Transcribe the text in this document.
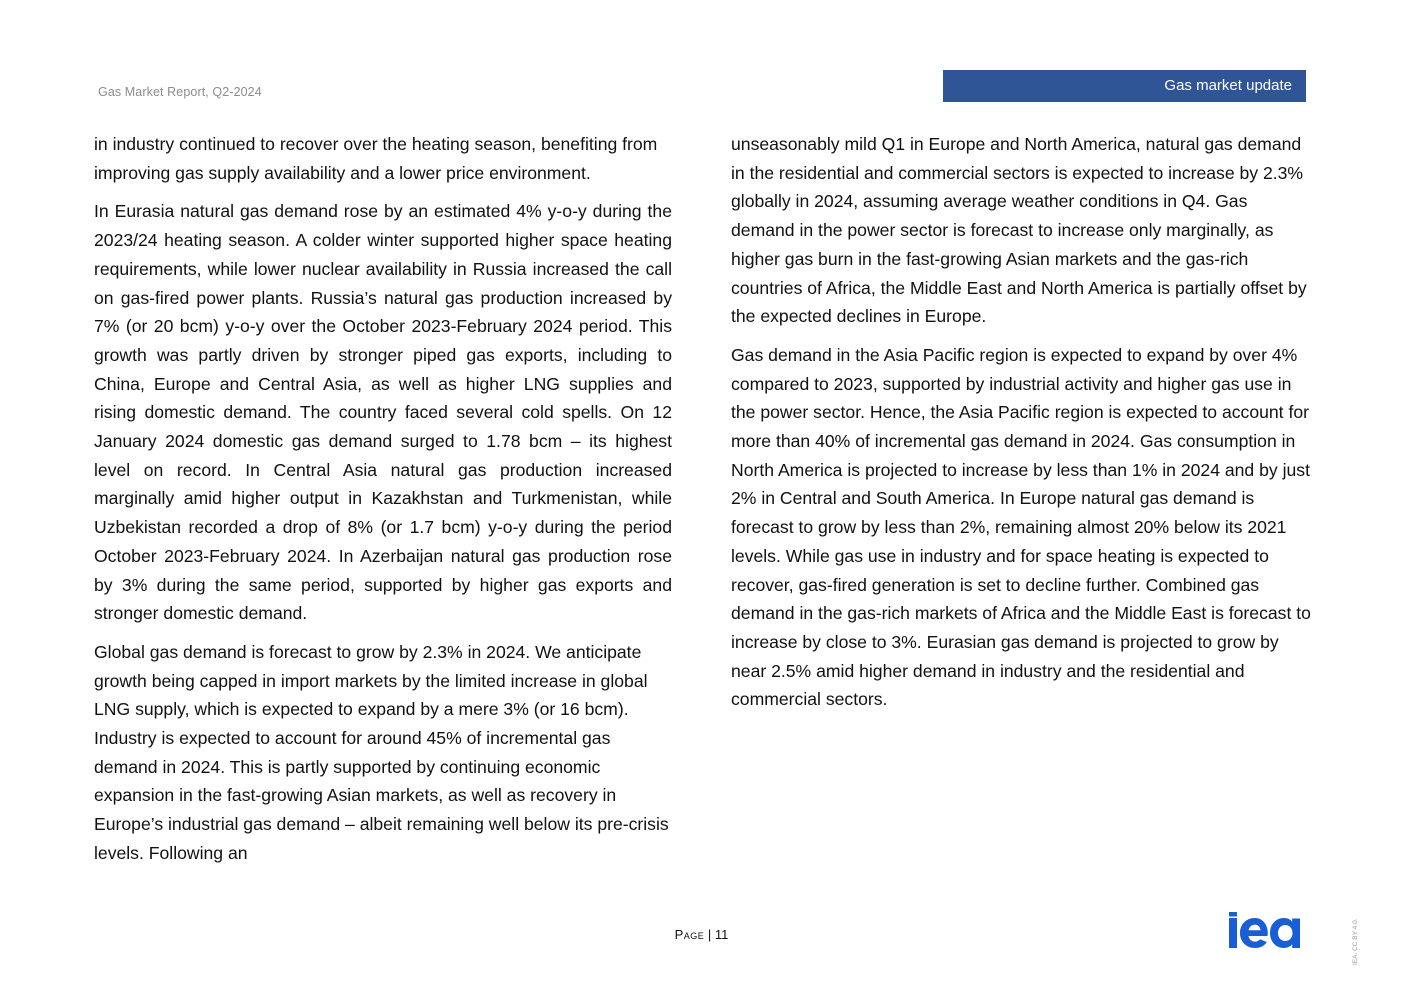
Gas Market Report, Q2-2024	Gas market update

in industry continued to recover over the heating season, benefiting from improving gas supply availability and a lower price environment.

In Eurasia natural gas demand rose by an estimated 4% y-o-y during the 2023/24 heating season. A colder winter supported higher space heating requirements, while lower nuclear availability in Russia increased the call on gas-fired power plants. Russia’s natural gas production increased by 7% (or 20 bcm) y-o-y over the October 2023-February 2024 period. This growth was partly driven by stronger piped gas exports, including to China, Europe and Central Asia, as well as higher LNG supplies and rising domestic demand. The country faced several cold spells. On 12 January 2024 domestic gas demand surged to 1.78 bcm – its highest level on record. In Central Asia natural gas production increased marginally amid higher output in Kazakhstan and Turkmenistan, while Uzbekistan recorded a drop of 8% (or 1.7 bcm) y-o-y during the period October 2023-February 2024. In Azerbaijan natural gas production rose by 3% during the same period, supported by higher gas exports and stronger domestic demand.

Global gas demand is forecast to grow by 2.3% in 2024. We anticipate growth being capped in import markets by the limited increase in global LNG supply, which is expected to expand by a mere 3% (or 16 bcm). Industry is expected to account for around 45% of incremental gas demand in 2024. This is partly supported by continuing economic expansion in the fast-growing Asian markets, as well as recovery in Europe’s industrial gas demand – albeit remaining well below its pre-crisis levels. Following an

unseasonably mild Q1 in Europe and North America, natural gas demand in the residential and commercial sectors is expected to increase by 2.3% globally in 2024, assuming average weather conditions in Q4. Gas demand in the power sector is forecast to increase only marginally, as higher gas burn in the fast-growing Asian markets and the gas-rich countries of Africa, the Middle East and North America is partially offset by the expected declines in Europe.

Gas demand in the Asia Pacific region is expected to expand by over 4% compared to 2023, supported by industrial activity and higher gas use in the power sector. Hence, the Asia Pacific region is expected to account for more than 40% of incremental gas demand in 2024. Gas consumption in North America is projected to increase by less than 1% in 2024 and by just 2% in Central and South America. In Europe natural gas demand is forecast to grow by less than 2%, remaining almost 20% below its 2021 levels. While gas use in industry and for space heating is expected to recover, gas-fired generation is set to decline further. Combined gas demand in the gas-rich markets of Africa and the Middle East is forecast to increase by close to 3%. Eurasian gas demand is projected to grow by near 2.5% amid higher demand in industry and the residential and commercial sectors.

Page | 11	IEA. CC BY 4.0.
